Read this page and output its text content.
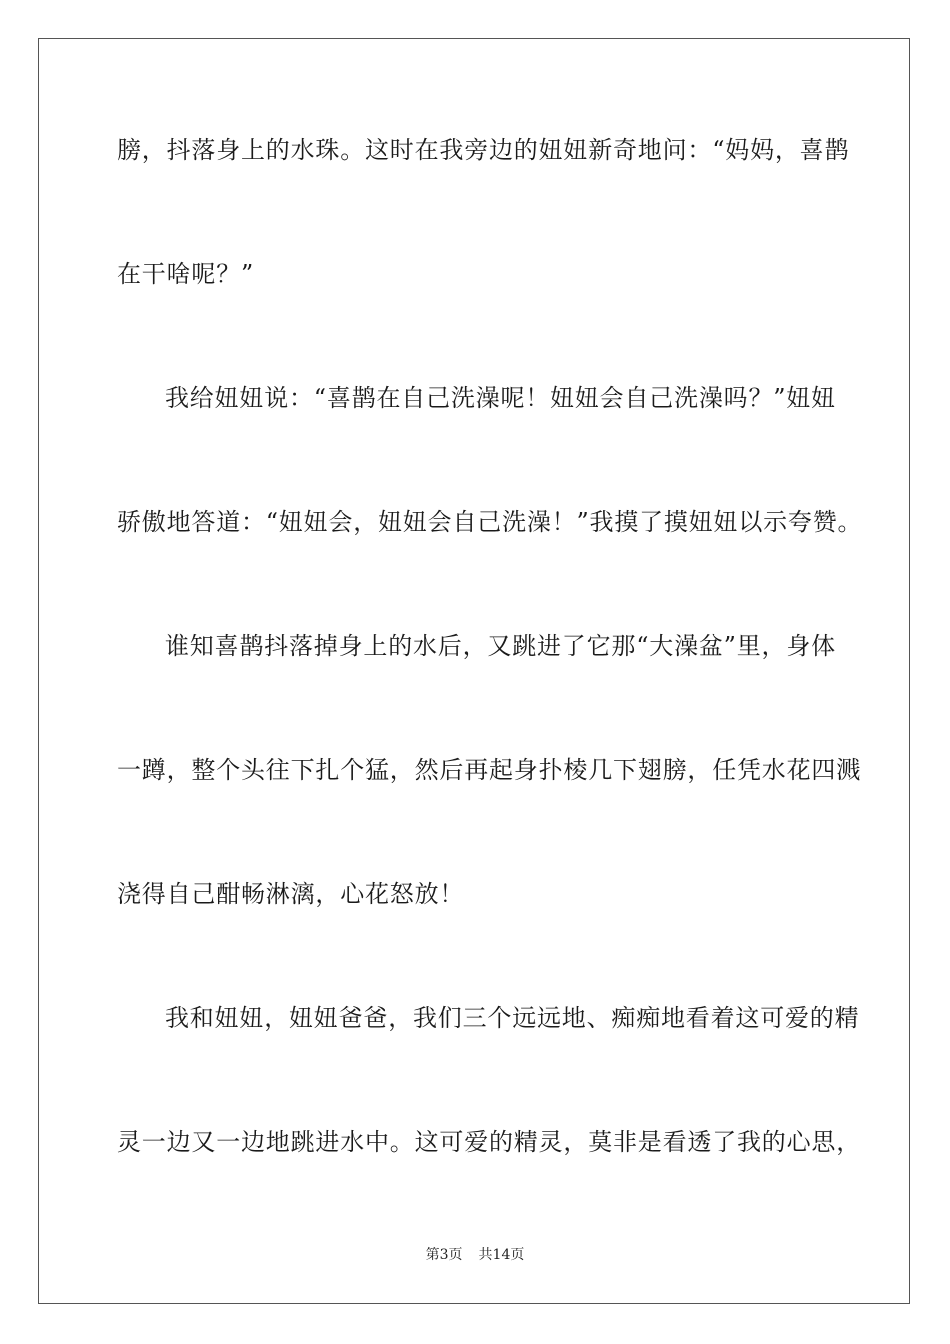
膀，抖落身上的水珠。这时在我旁边的妞妞新奇地问：“妈妈，喜鹊
在干啥呢？”
我给妞妞说：“喜鹊在自己洗澡呢！妞妞会自己洗澡吗？”妞妞
骄傲地答道：“妞妞会，妞妞会自己洗澡！”我摸了摸妞妞以示夸赞。
谁知喜鹊抖落掉身上的水后，又跳进了它那“大澡盆”里，身体
一蹲，整个头往下扎个猛，然后再起身扑棱几下翅膀，任凭水花四溅
浇得自己酣畅淋漓，心花怒放！
我和妞妞，妞妞爸爸，我们三个远远地、痴痴地看着这可爱的精
灵一边又一边地跳进水中。这可爱的精灵，莫非是看透了我的心思，
第3页 共14页
